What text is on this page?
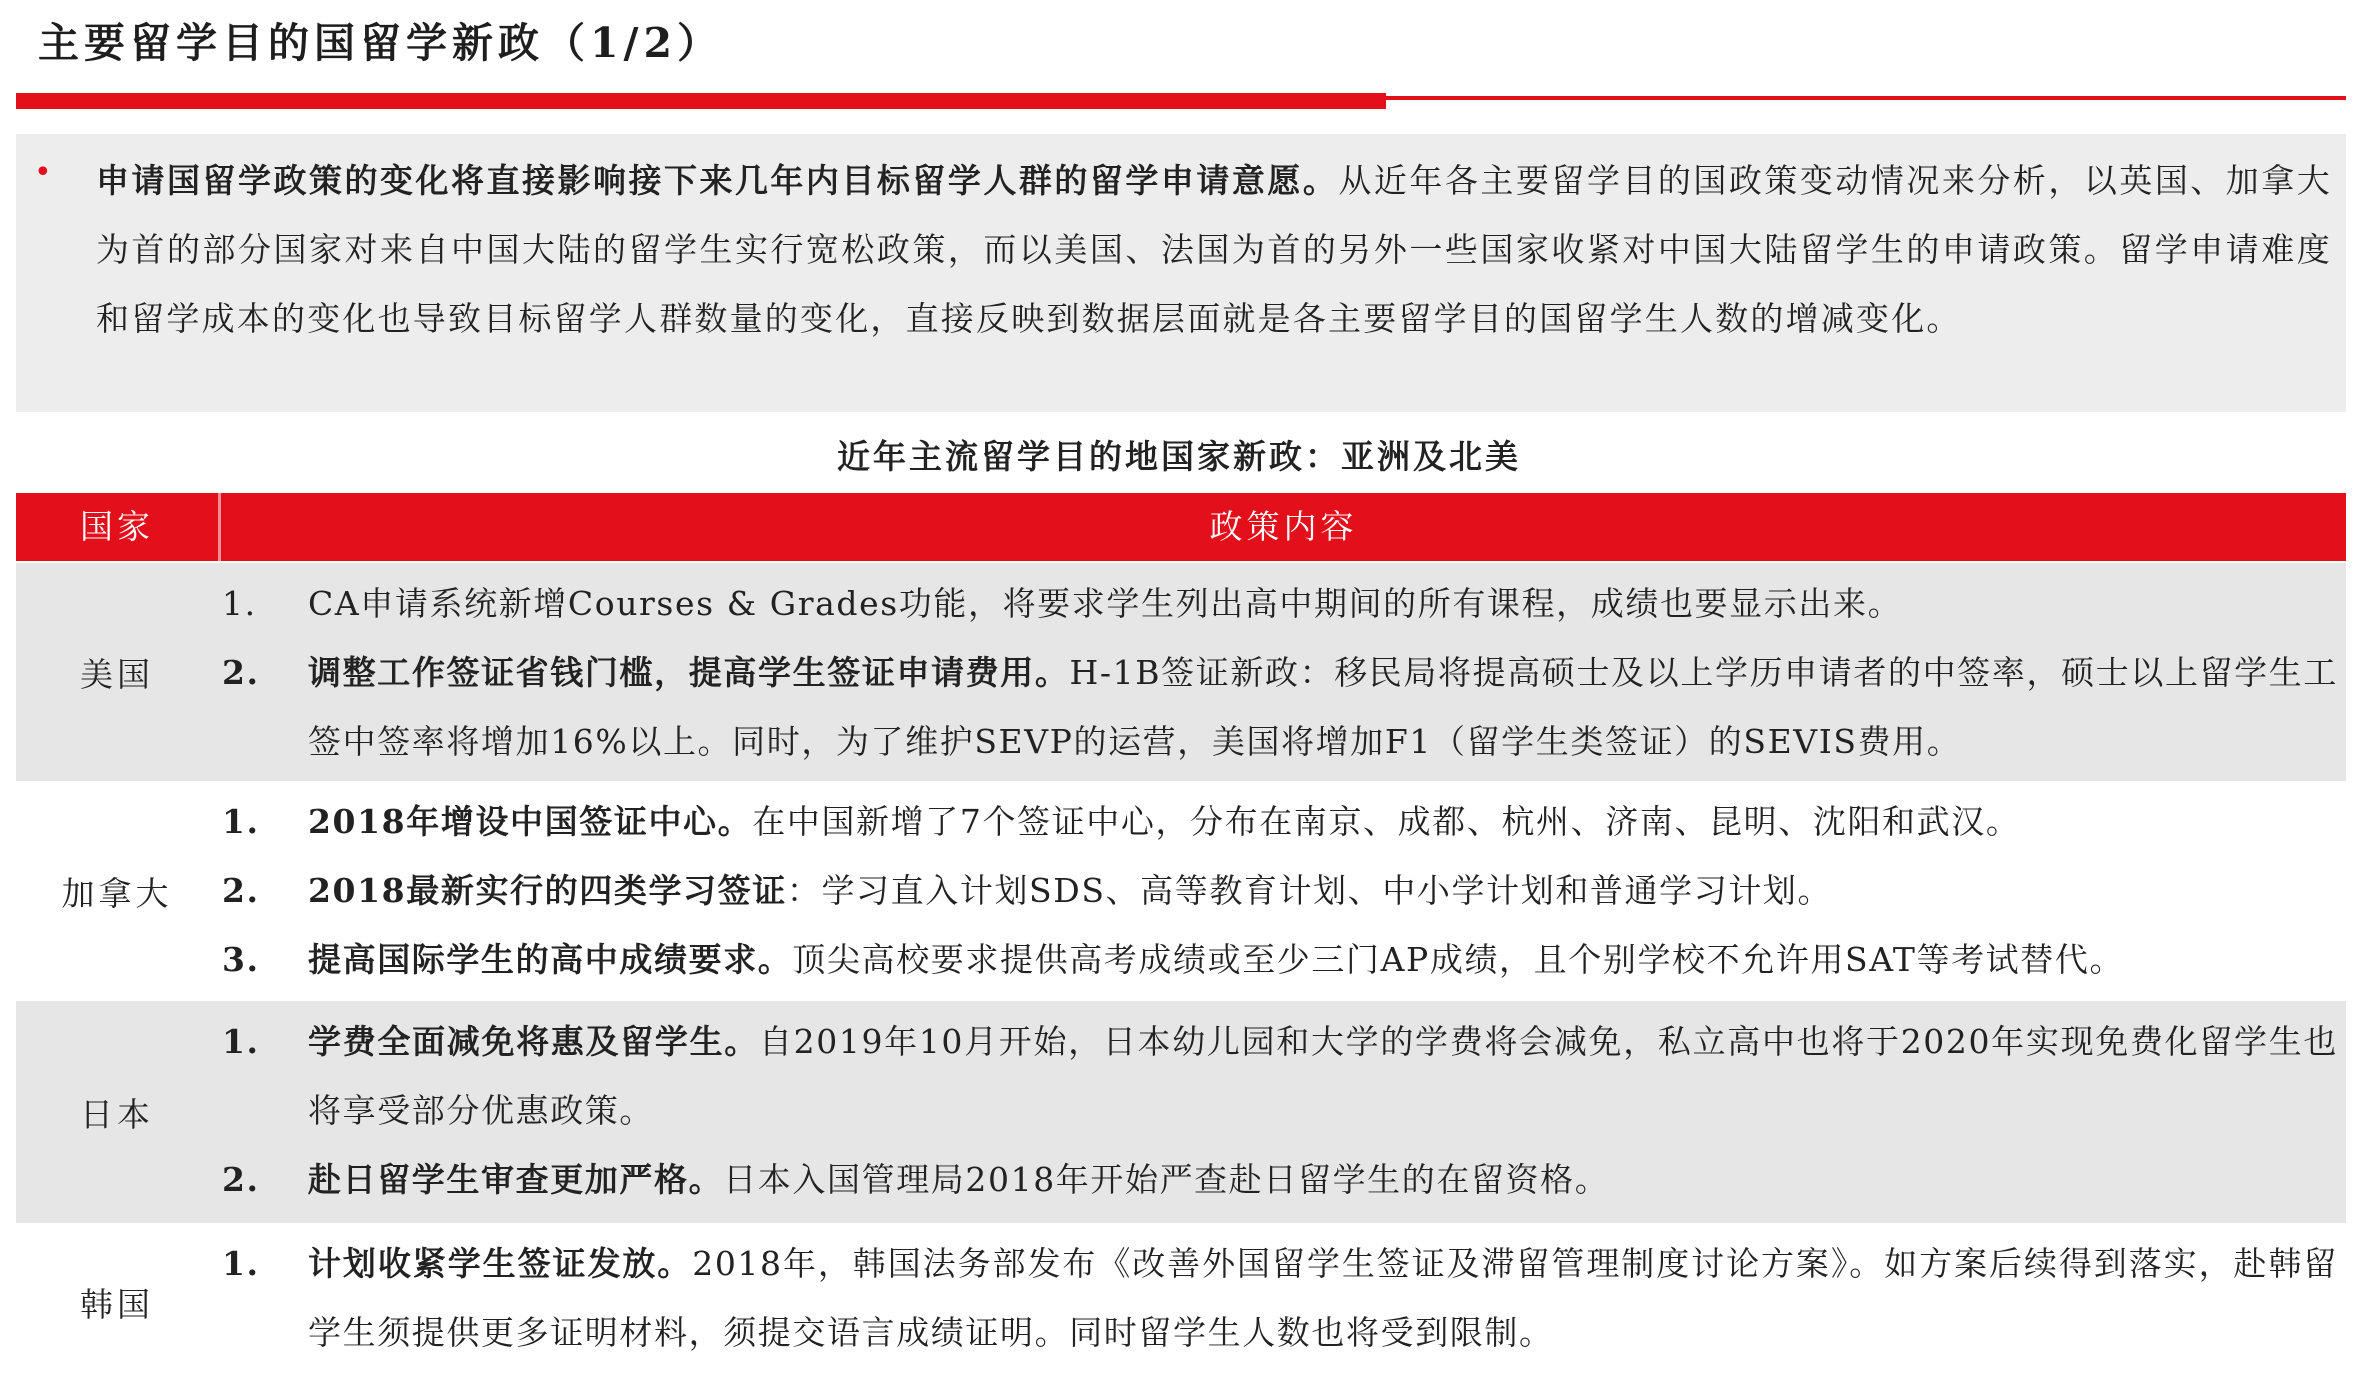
主要留学目的国留学新政（1/2）
• 申请国留学政策的变化将直接影响接下来几年内目标留学人群的留学申请意愿。从近年各主要留学目的国政策变动情况来分析，以英国、加拿大为首的部分国家对来自中国大陆的留学生实行宽松政策，而以美国、法国为首的另外一些国家收紧对中国大陆留学生的申请政策。留学申请难度和留学成本的变化也导致目标留学人群数量的变化，直接反映到数据层面就是各主要留学目的国留学生人数的增减变化。
近年主流留学目的地国家新政：亚洲及北美
国家	政策内容
美国
1.	CA申请系统新增Courses & Grades功能，将要求学生列出高中期间的所有课程，成绩也要显示出来。
2.	调整工作签证省钱门槛，提高学生签证申请费用。H-1B签证新政：移民局将提高硕士及以上学历申请者的中签率，硕士以上留学生工签中签率将增加16%以上。同时，为了维护SEVP的运营，美国将增加F1（留学生类签证）的SEVIS费用。
加拿大
1.	2018年增设中国签证中心。在中国新增了7个签证中心，分布在南京、成都、杭州、济南、昆明、沈阳和武汉。
2.	2018最新实行的四类学习签证：学习直入计划SDS、高等教育计划、中小学计划和普通学习计划。
3.	提高国际学生的高中成绩要求。顶尖高校要求提供高考成绩或至少三门AP成绩，且个别学校不允许用SAT等考试替代。
日本
1.	学费全面减免将惠及留学生。自2019年10月开始，日本幼儿园和大学的学费将会减免，私立高中也将于2020年实现免费化留学生也将享受部分优惠政策。
2.	赴日留学生审查更加严格。日本入国管理局2018年开始严查赴日留学生的在留资格。
韩国
1.	计划收紧学生签证发放。2018年，韩国法务部发布《改善外国留学生签证及滞留管理制度讨论方案》。如方案后续得到落实，赴韩留学生须提供更多证明材料，须提交语言成绩证明。同时留学生人数也将受到限制。
